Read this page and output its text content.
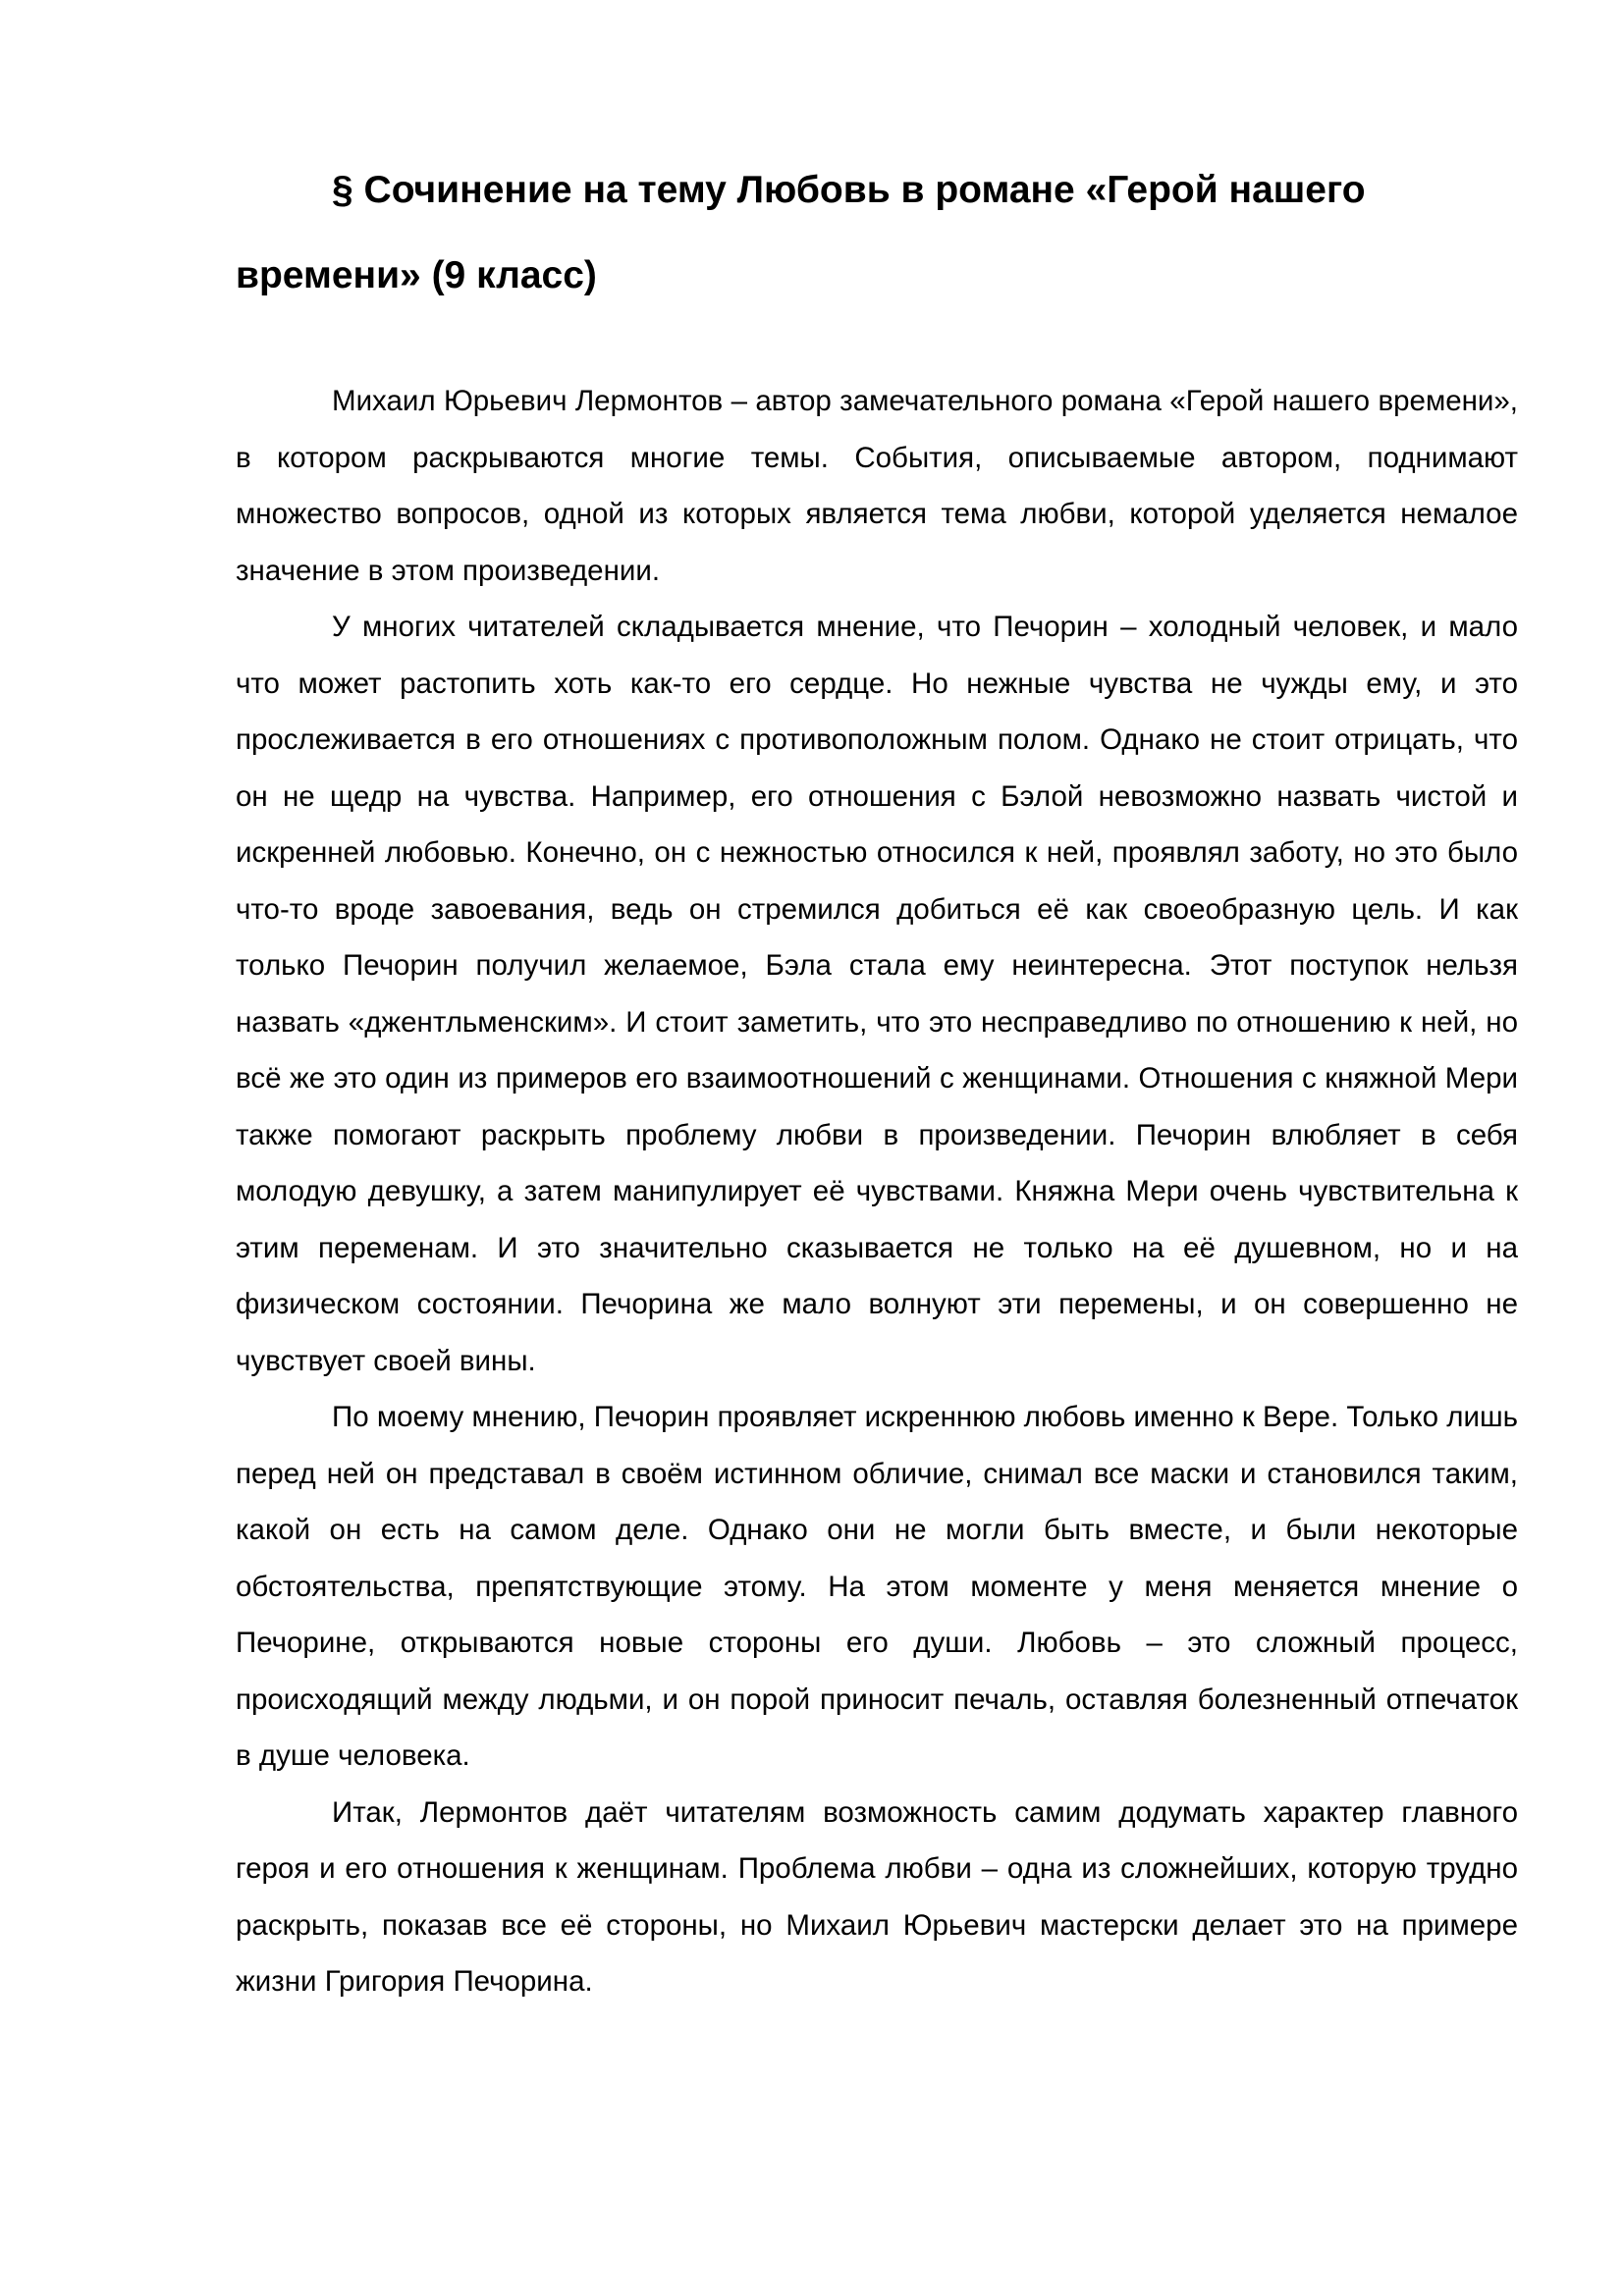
§ Сочинение на тему Любовь в романе «Герой нашего времени» (9 класс)

Михаил Юрьевич Лермонтов – автор замечательного романа «Герой нашего времени», в котором раскрываются многие темы. События, описываемые автором, поднимают множество вопросов, одной из которых является тема любви, которой уделяется немалое значение в этом произведении.

У многих читателей складывается мнение, что Печорин – холодный человек, и мало что может растопить хоть как-то его сердце. Но нежные чувства не чужды ему, и это прослеживается в его отношениях с противоположным полом. Однако не стоит отрицать, что он не щедр на чувства. Например, его отношения с Бэлой невозможно назвать чистой и искренней любовью. Конечно, он с нежностью относился к ней, проявлял заботу, но это было что-то вроде завоевания, ведь он стремился добиться её как своеобразную цель. И как только Печорин получил желаемое, Бэла стала ему неинтересна. Этот поступок нельзя назвать «джентльменским». И стоит заметить, что это несправедливо по отношению к ней, но всё же это один из примеров его взаимоотношений с женщинами. Отношения с княжной Мери также помогают раскрыть проблему любви в произведении. Печорин влюбляет в себя молодую девушку, а затем манипулирует её чувствами. Княжна Мери очень чувствительна к этим переменам. И это значительно сказывается не только на её душевном, но и на физическом состоянии. Печорина же мало волнуют эти перемены, и он совершенно не чувствует своей вины.

По моему мнению, Печорин проявляет искреннюю любовь именно к Вере. Только лишь перед ней он представал в своём истинном обличие, снимал все маски и становился таким, какой он есть на самом деле. Однако они не могли быть вместе, и были некоторые обстоятельства, препятствующие этому. На этом моменте у меня меняется мнение о Печорине, открываются новые стороны его души. Любовь – это сложный процесс, происходящий между людьми, и он порой приносит печаль, оставляя болезненный отпечаток в душе человека.

Итак, Лермонтов даёт читателям возможность самим додумать характер главного героя и его отношения к женщинам. Проблема любви – одна из сложнейших, которую трудно раскрыть, показав все её стороны, но Михаил Юрьевич мастерски делает это на примере жизни Григория Печорина.
